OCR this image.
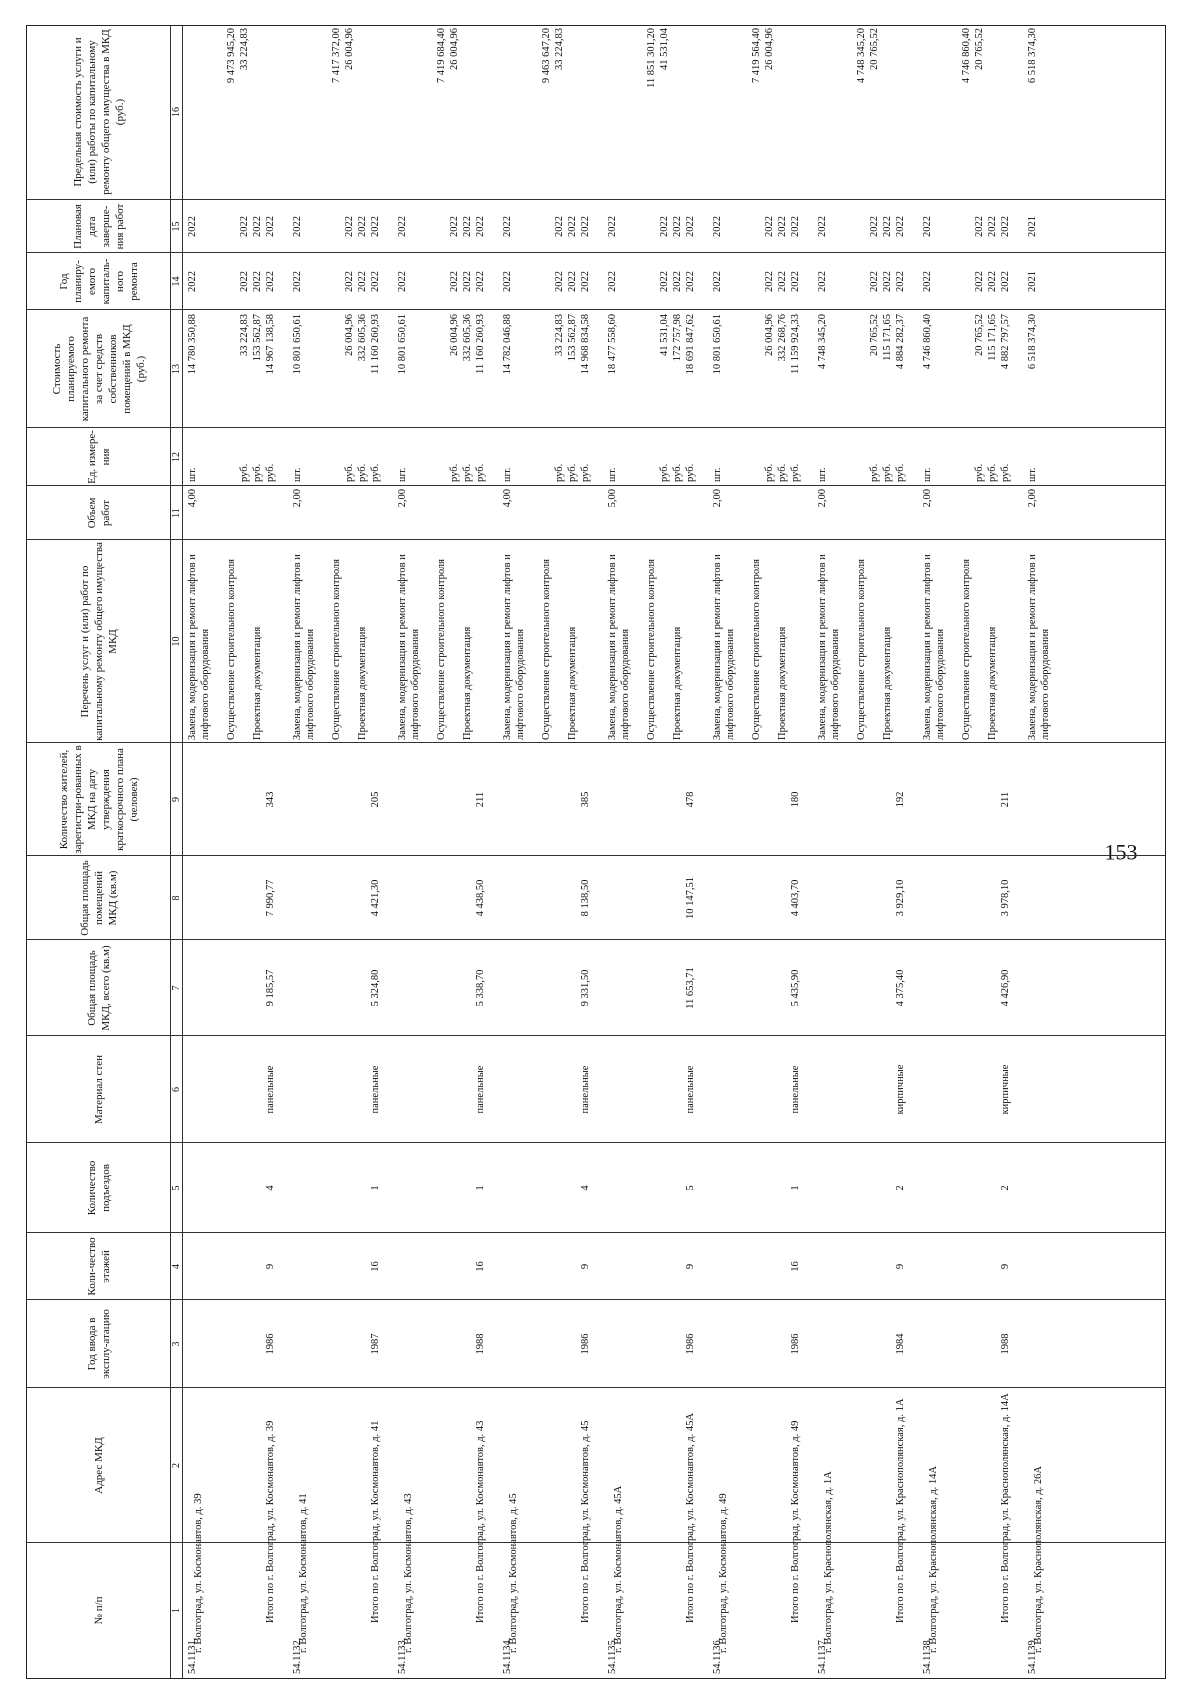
153
№ п/п
Адрес МКД
Год ввода в эксплу-атацию
Коли-чество этажей
Количество подъездов
Материал стен
Общая площадь МКД, всего (кв.м)
Общая площадь помещений МКД (кв.м)
Количество жителей, зарегистри-рованных в МКД на дату утверждения краткосрочного плана (человек)
Перечень услуг и (или) работ по капитальному ремонту общего имущества МКД
Объем работ
Ед. измере-ния
Стоимость планируемого капитального ремонта за счет средств собственников помещений в МКД (руб.)
Год планиру-емого капиталь-ного ремонта
Плановая дата заверше-ния работ
Предельная стоимость услуги и (или) работы по капитальному ремонту общего имущества в МКД (руб.)
1
2
3
4
5
6
7
8
9
10
11
12
13
14
15
16
54.1131.
г. Волгоград, ул. Космонавтов, д. 39
Замена, модернизация и ремонт лифтов и лифтового оборудования
4,00
шт.
14 780 350,88
2022
2022
9 473 945,20
Осуществление строительного контроля
руб.
33 224,83
2022
2022
33 224,83
Проектная документация
руб.
153 562,87
2022
2022
Итого по г. Волгоград, ул. Космонавтов, д. 39
1986
9
4
панельные
9 185,57
7 990,77
343
руб.
14 967 138,58
2022
2022
54.1132.
г. Волгоград, ул. Космонавтов, д. 41
Замена, модернизация и ремонт лифтов и лифтового оборудования
2,00
шт.
10 801 650,61
2022
2022
7 417 372,00
Осуществление строительного контроля
руб.
26 004,96
2022
2022
26 004,96
Проектная документация
руб.
332 605,36
2022
2022
Итого по г. Волгоград, ул. Космонавтов, д. 41
1987
16
1
панельные
5 324,80
4 421,30
205
руб.
11 160 260,93
2022
2022
54.1133.
г. Волгоград, ул. Космонавтов, д. 43
Замена, модернизация и ремонт лифтов и лифтового оборудования
2,00
шт.
10 801 650,61
2022
2022
7 419 684,40
Осуществление строительного контроля
руб.
26 004,96
2022
2022
26 004,96
Проектная документация
руб.
332 605,36
2022
2022
Итого по г. Волгоград, ул. Космонавтов, д. 43
1988
16
1
панельные
5 338,70
4 438,50
211
руб.
11 160 260,93
2022
2022
54.1134.
г. Волгоград, ул. Космонавтов, д. 45
Замена, модернизация и ремонт лифтов и лифтового оборудования
4,00
шт.
14 782 046,88
2022
2022
9 463 647,20
Осуществление строительного контроля
руб.
33 224,83
2022
2022
33 224,83
Проектная документация
руб.
153 562,87
2022
2022
Итого по г. Волгоград, ул. Космонавтов, д. 45
1986
9
4
панельные
9 331,50
8 138,50
385
руб.
14 968 834,58
2022
2022
54.1135.
г. Волгоград, ул. Космонавтов, д. 45А
Замена, модернизация и ремонт лифтов и лифтового оборудования
5,00
шт.
18 477 558,60
2022
2022
11 851 301,20
Осуществление строительного контроля
руб.
41 531,04
2022
2022
41 531,04
Проектная документация
руб.
172 757,98
2022
2022
Итого по г. Волгоград, ул. Космонавтов, д. 45А
1986
9
5
панельные
11 653,71
10 147,51
478
руб.
18 691 847,62
2022
2022
54.1136.
г. Волгоград, ул. Космонавтов, д. 49
Замена, модернизация и ремонт лифтов и лифтового оборудования
2,00
шт.
10 801 650,61
2022
2022
7 419 564,40
Осуществление строительного контроля
руб.
26 004,96
2022
2022
26 004,96
Проектная документация
руб.
332 268,76
2022
2022
Итого по г. Волгоград, ул. Космонавтов, д. 49
1986
16
1
панельные
5 435,90
4 403,70
180
руб.
11 159 924,33
2022
2022
54.1137.
г. Волгоград, ул. Краснополянская, д. 1А
Замена, модернизация и ремонт лифтов и лифтового оборудования
2,00
шт.
4 748 345,20
2022
2022
4 748 345,20
Осуществление строительного контроля
руб.
20 765,52
2022
2022
20 765,52
Проектная документация
руб.
115 171,65
2022
2022
Итого по г. Волгоград, ул. Краснополянская, д. 1А
1984
9
2
кирпичные
4 375,40
3 929,10
192
руб.
4 884 282,37
2022
2022
54.1138.
г. Волгоград, ул. Краснополянская, д. 14А
Замена, модернизация и ремонт лифтов и лифтового оборудования
2,00
шт.
4 746 860,40
2022
2022
4 746 860,40
Осуществление строительного контроля
руб.
20 765,52
2022
2022
20 765,52
Проектная документация
руб.
115 171,65
2022
2022
Итого по г. Волгоград, ул. Краснополянская, д. 14А
1988
9
2
кирпичные
4 426,90
3 978,10
211
руб.
4 882 797,57
2022
2022
54.1139.
г. Волгоград, ул. Краснополянская, д. 26А
Замена, модернизация и ремонт лифтов и лифтового оборудования
2,00
шт.
6 518 374,30
2021
2021
6 518 374,30
